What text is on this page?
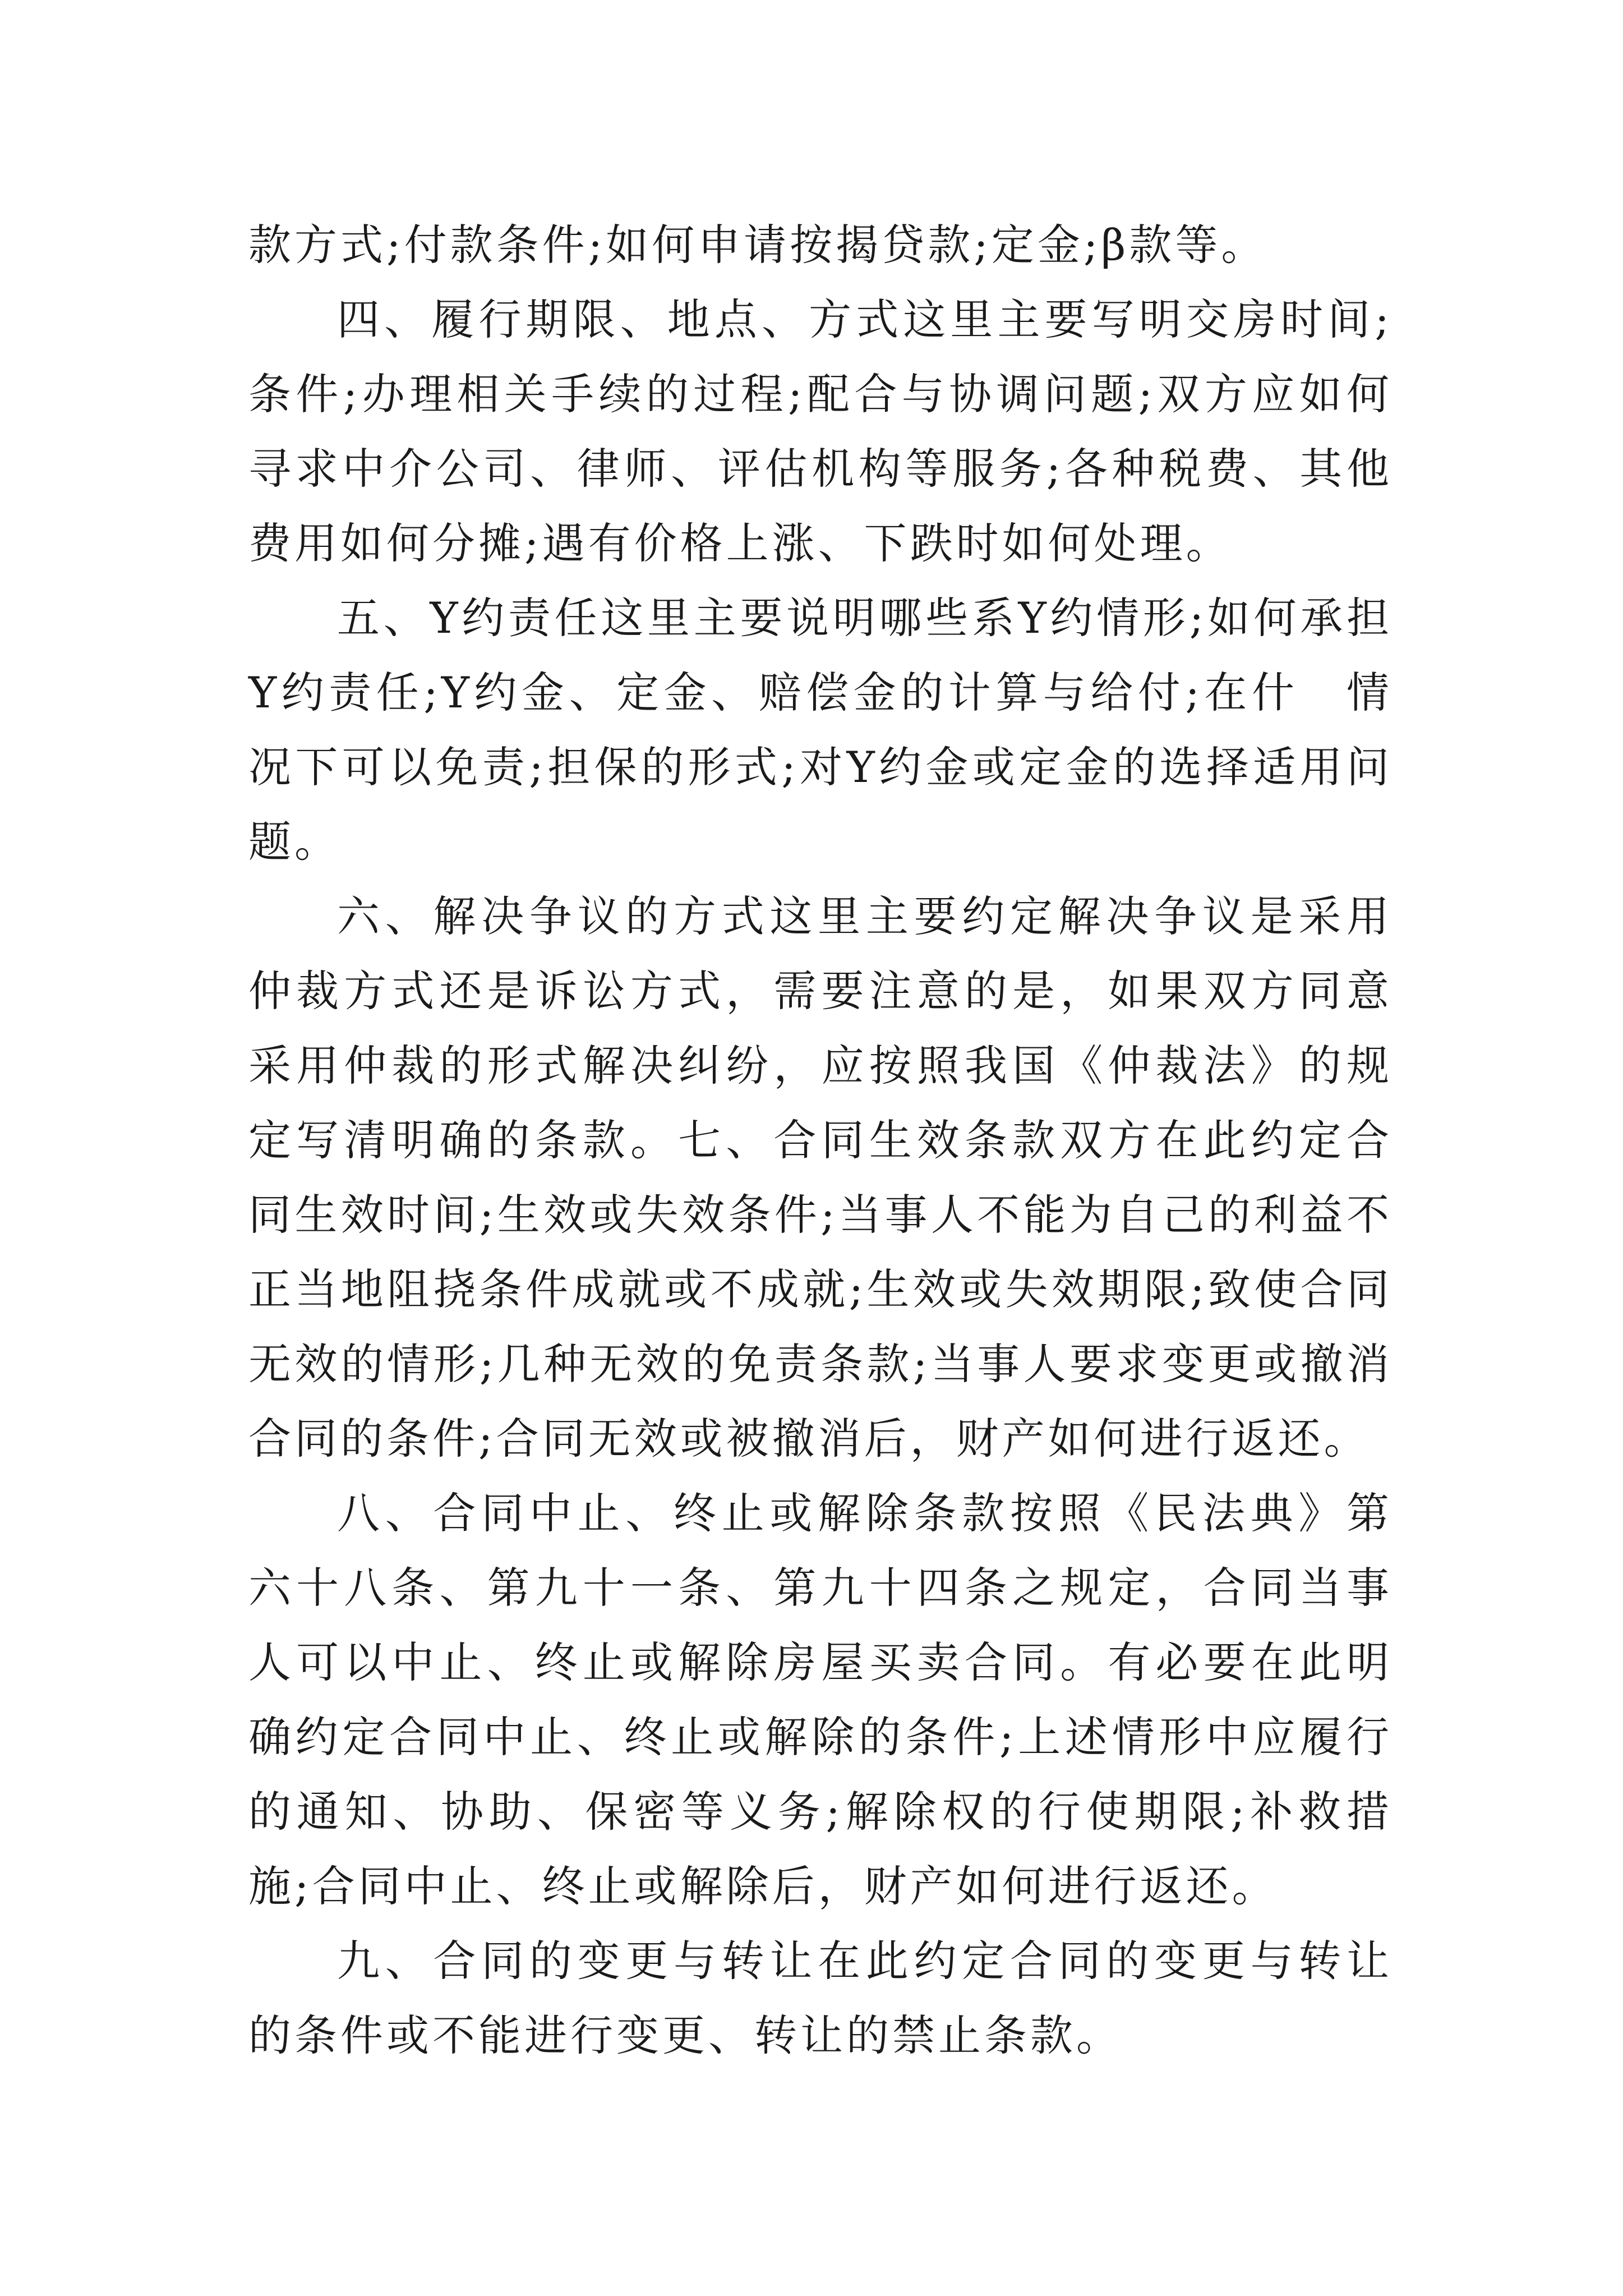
款方式;付款条件;如何申请按揭贷款;定金;β款等。

四、履行期限、地点、方式这里主要写明交房时间;条件;办理相关手续的过程;配合与协调问题;双方应如何寻求中介公司、律师、评估机构等服务;各种税费、其他费用如何分摊;遇有价格上涨、下跌时如何处理。

五、Y约责任这里主要说明哪些系Y约情形;如何承担Y约责任;Y约金、定金、赔偿金的计算与给付;在什　情况下可以免责;担保的形式;对Y约金或定金的选择适用问题。

六、解决争议的方式这里主要约定解决争议是采用仲裁方式还是诉讼方式，需要注意的是，如果双方同意采用仲裁的形式解决纠纷，应按照我国《仲裁法》的规定写清明确的条款。七、合同生效条款双方在此约定合同生效时间;生效或失效条件;当事人不能为自己的利益不正当地阻挠条件成就或不成就;生效或失效期限;致使合同无效的情形;几种无效的免责条款;当事人要求变更或撤消合同的条件;合同无效或被撤消后，财产如何进行返还。

八、合同中止、终止或解除条款按照《民法典》第六十八条、第九十一条、第九十四条之规定，合同当事人可以中止、终止或解除房屋买卖合同。有必要在此明确约定合同中止、终止或解除的条件;上述情形中应履行的通知、协助、保密等义务;解除权的行使期限;补救措施;合同中止、终止或解除后，财产如何进行返还。

九、合同的变更与转让在此约定合同的变更与转让的条件或不能进行变更、转让的禁止条款。
